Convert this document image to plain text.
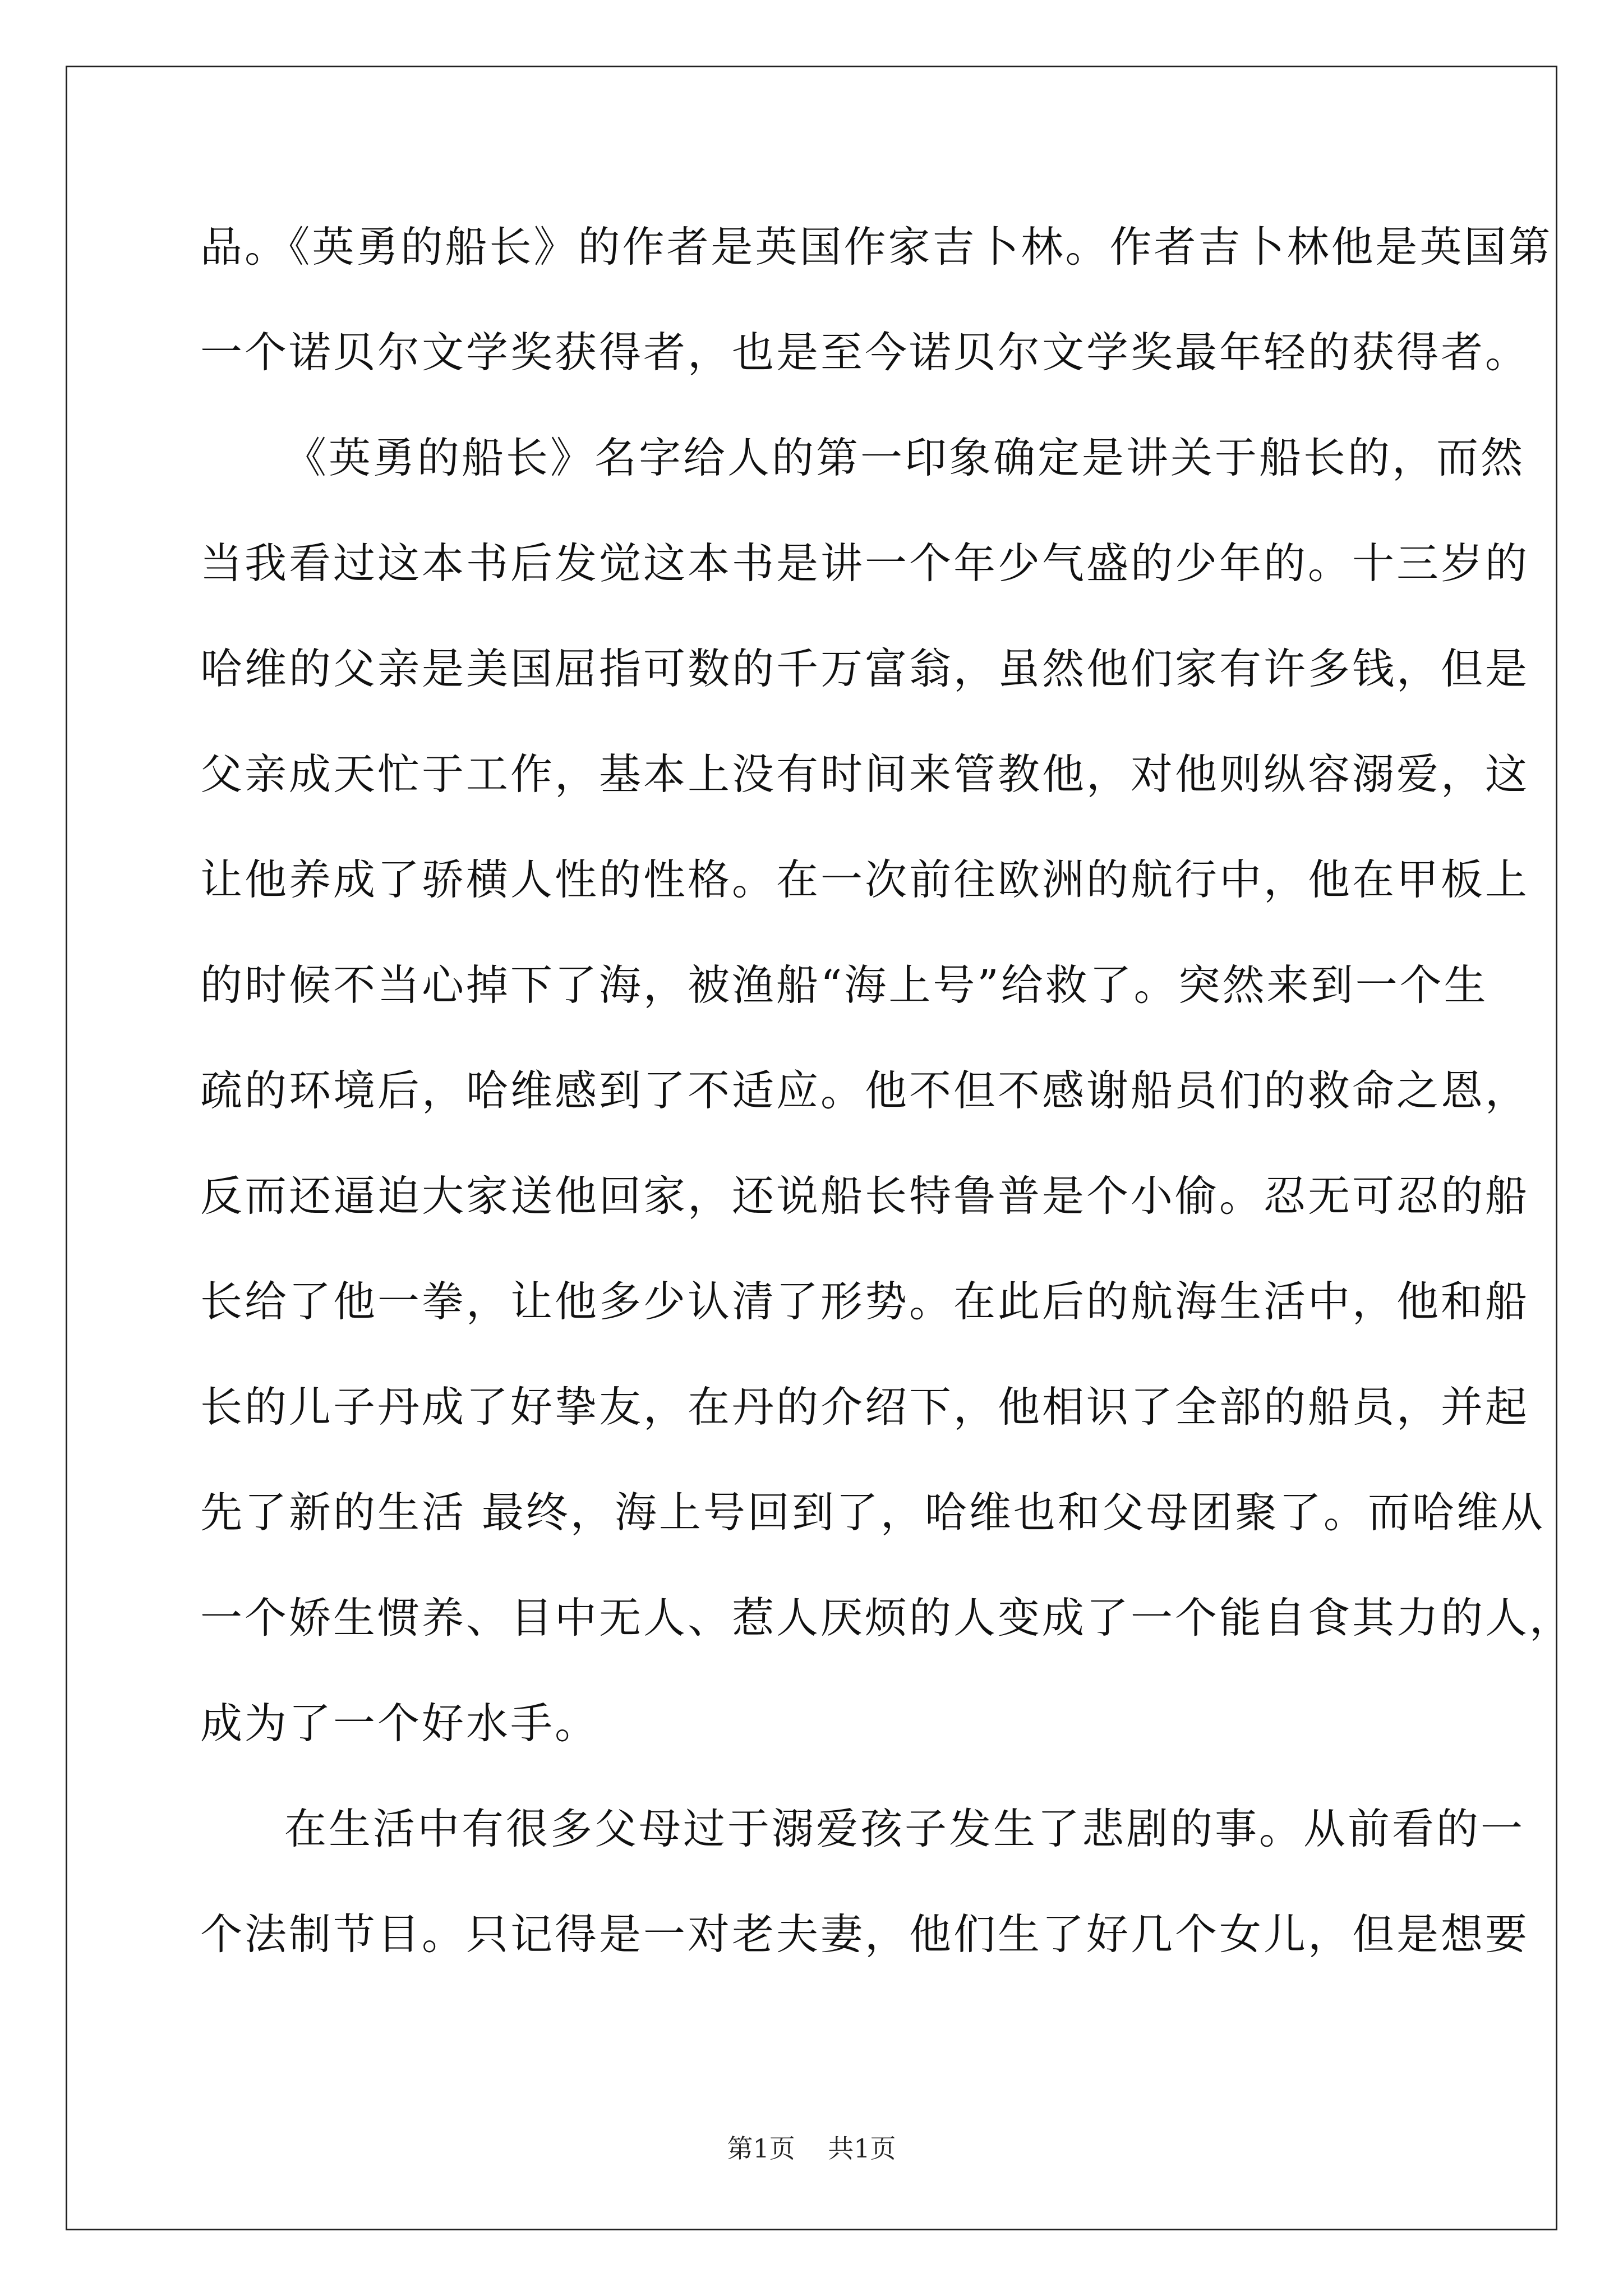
品。《英勇的船长》的作者是英国作家吉卜林。作者吉卜林他是英国第
一个诺贝尔文学奖获得者，也是至今诺贝尔文学奖最年轻的获得者。
《英勇的船长》名字给人的第一印象确定是讲关于船长的，而然
当我看过这本书后发觉这本书是讲一个年少气盛的少年的。十三岁的
哈维的父亲是美国屈指可数的千万富翁，虽然他们家有许多钱，但是
父亲成天忙于工作，基本上没有时间来管教他，对他则纵容溺爱，这
让他养成了骄横人性的性格。在一次前往欧洲的航行中，他在甲板上
的时候不当心掉下了海，被渔船“海上号”给救了。突然来到一个生
疏的环境后，哈维感到了不适应。他不但不感谢船员们的救命之恩，
反而还逼迫大家送他回家，还说船长特鲁普是个小偷。忍无可忍的船
长给了他一拳，让他多少认清了形势。在此后的航海生活中，他和船
长的儿子丹成了好挚友，在丹的介绍下，他相识了全部的船员，并起
先了新的生活 最终，海上号回到了，哈维也和父母团聚了。而哈维从
一个娇生惯养、目中无人、惹人厌烦的人变成了一个能自食其力的人，
成为了一个好水手。
在生活中有很多父母过于溺爱孩子发生了悲剧的事。从前看的一
个法制节目。只记得是一对老夫妻，他们生了好几个女儿，但是想要
第1页    共1页
